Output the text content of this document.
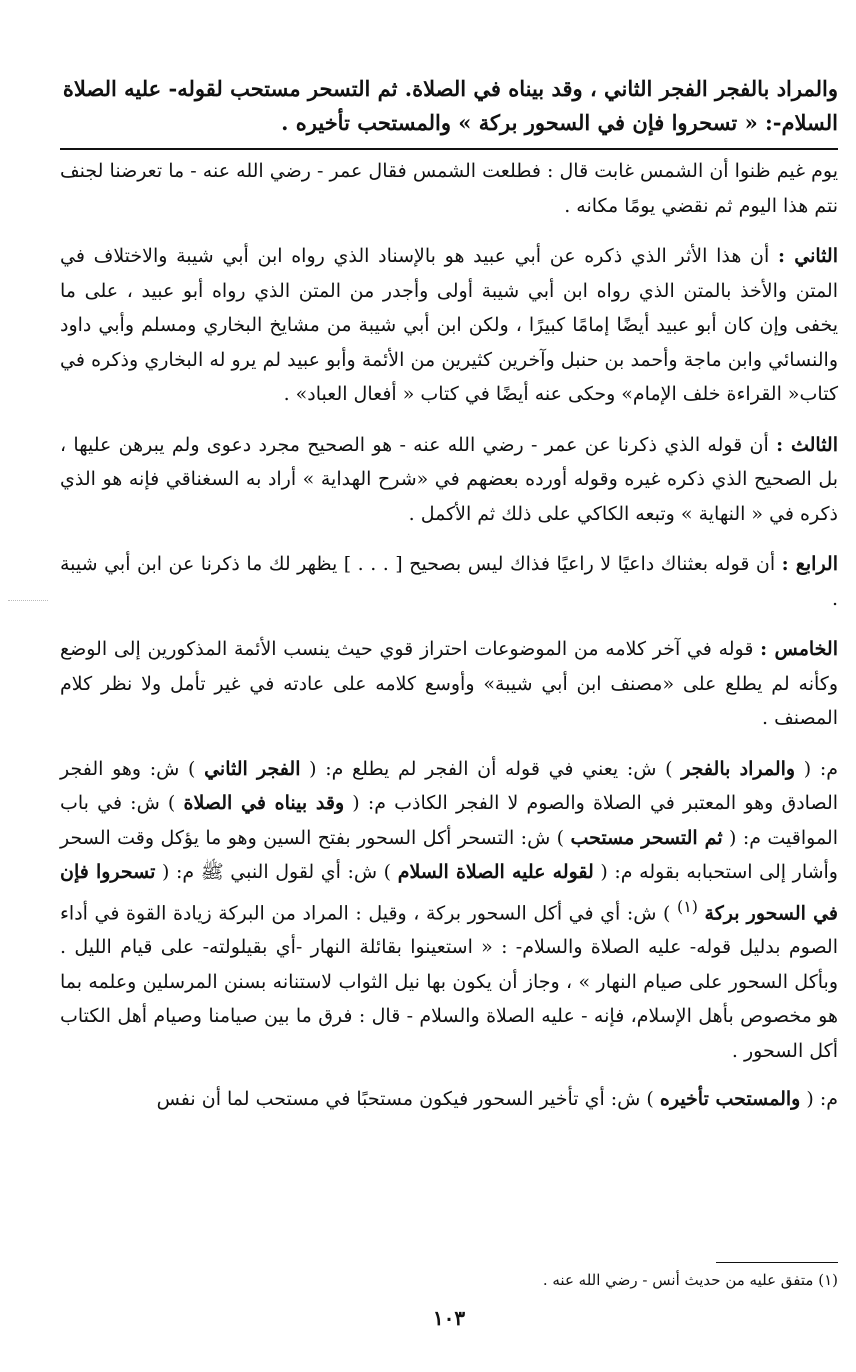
والمراد بالفجر الفجر الثاني ، وقد بيناه في الصلاة. ثم التسحر مستحب لقوله- عليه الصلاة
السلام-: « تسحروا فإن في السحور بركة » والمستحب تأخيره .

يوم غيم ظنوا أن الشمس غابت قال : فطلعت الشمس فقال عمر - رضي الله عنه - ما تعرضنا لجنف نتم هذا اليوم ثم نقضي يومًا مكانه .

الثاني : أن هذا الأثر الذي ذكره عن أبي عبيد هو بالإسناد الذي رواه ابن أبي شيبة والاختلاف في المتن والأخذ بالمتن الذي رواه ابن أبي شيبة أولى وأجدر من المتن الذي رواه أبو عبيد ، على ما يخفى وإن كان أبو عبيد أيضًا إمامًا كبيرًا ، ولكن ابن أبي شيبة من مشايخ البخاري ومسلم وأبي داود والنسائي وابن ماجة وأحمد بن حنبل وآخرين كثيرين من الأئمة وأبو عبيد لم يرو له البخاري وذكره في كتاب« القراءة خلف الإمام» وحكى عنه أيضًا في كتاب « أفعال العباد» .

الثالث : أن قوله الذي ذكرنا عن عمر - رضي الله عنه - هو الصحيح مجرد دعوى ولم يبرهن عليها ، بل الصحيح الذي ذكره غيره وقوله أورده بعضهم في «شرح الهداية » أراد به السغناقي فإنه هو الذي ذكره في « النهاية » وتبعه الكاكي على ذلك ثم الأكمل .

الرابع : أن قوله بعثناك داعيًا لا راعيًا فذاك ليس بصحيح [ . . . ] يظهر لك ما ذكرنا عن ابن أبي شيبة .

الخامس : قوله في آخر كلامه من الموضوعات احتراز قوي حيث ينسب الأئمة المذكورين إلى الوضع وكأنه لم يطلع على «مصنف ابن أبي شيبة» وأوسع كلامه على عادته في غير تأمل ولا نظر كلام المصنف .

م: ( والمراد بالفجر ) ش: يعني في قوله أن الفجر لم يطلع م: ( الفجر الثاني ) ش: وهو الفجر الصادق وهو المعتبر في الصلاة والصوم لا الفجر الكاذب م: ( وقد بيناه في الصلاة ) ش: في باب المواقيت م: ( ثم التسحر مستحب ) ش: التسحر أكل السحور بفتح السين وهو ما يؤكل وقت السحر وأشار إلى استحبابه بقوله م: ( لقوله عليه الصلاة السلام ) ش: أي لقول النبي ﷺ م: ( تسحروا فإن في السحور بركة $^{(١)}$ ) ش: أي في أكل السحور بركة ، وقيل : المراد من البركة زيادة القوة في أداء الصوم بدليل قوله- عليه الصلاة والسلام- : « استعينوا بقائلة النهار -أي بقيلولته- على قيام الليل . وبأكل السحور على صيام النهار » ، وجاز أن يكون بها نيل الثواب لاستنانه بسنن المرسلين وعلمه بما هو مخصوص بأهل الإسلام، فإنه - عليه الصلاة والسلام - قال : فرق ما بين صيامنا وصيام أهل الكتاب أكل السحور .

م: ( والمستحب تأخيره ) ش: أي تأخير السحور فيكون مستحبًا في مستحب لما أن نفس

(١) متفق عليه من حديث أنس - رضي الله عنه .
١٠٣
